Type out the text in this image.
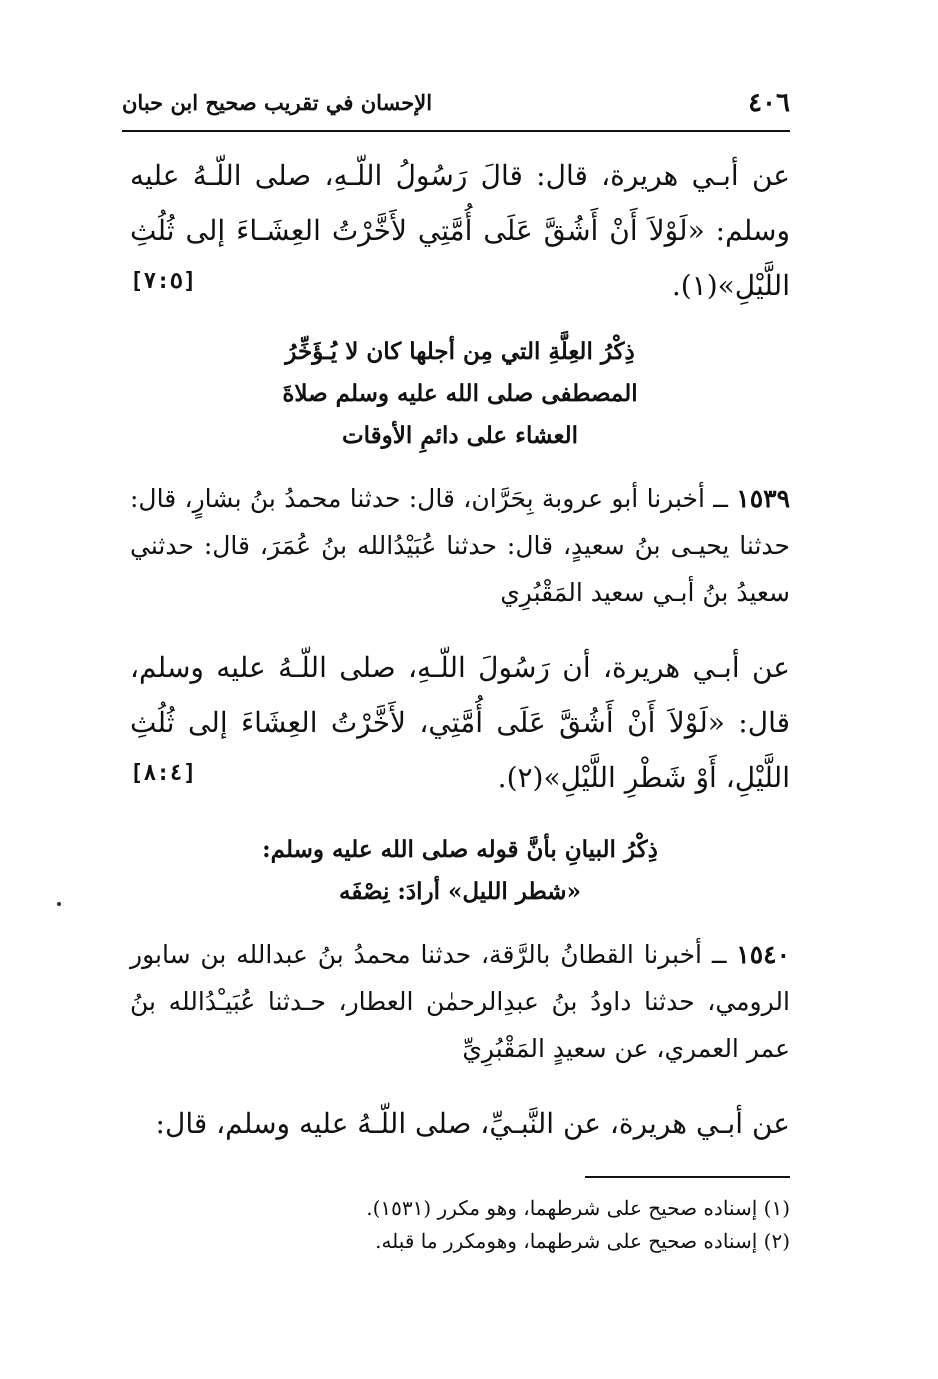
٤٠٦
الإحسان في تقريب صحيح ابن حبان

عن أبـي هريرة، قال: قالَ رَسُولُ اللّـهِ، صلى اللّـهُ عليه وسلم: «لَوْلاَ أَنْ أَشُقَّ عَلَى أُمَّتِي لأَخَّرْتُ العِشَـاءَ إلى ثُلُثِ اللَّيْلِ»(١).
[٧:٥]

ذِكْرُ العِلَّةِ التي مِن أجلها كان لا يُـؤَخِّرُ

المصطفى صلى الله عليه وسلم صلاةَ

العشاء على دائمِ الأوقات

١٥٣٩ ــ أخبرنا أبو عروبة بِحَرَّان، قال: حدثنا محمدُ بنُ بشارٍ، قال: حدثنا يحيـى بنُ سعيدٍ، قال: حدثنا عُبَيْدُالله بنُ عُمَرَ، قال: حدثني سعيدُ بنُ أبـي سعيد المَقْبُرِي

عن أبـي هريرة، أن رَسُولَ اللّـهِ، صلى اللّـهُ عليه وسلم، قال: «لَوْلاَ أَنْ أَشُقَّ عَلَى أُمَّتِي، لأَخَّرْتُ العِشَاءَ إلى ثُلُثِ اللَّيْلِ، أَوْ شَطْرِ اللَّيْلِ»(٢).
[٨:٤]

ذِكْرُ البيانِ بأنَّ قوله صلى الله عليه وسلم:

«شطر الليل» أرادَ: نِصْفَه

١٥٤٠ ــ أخبرنا القطانُ بالرَّقة، حدثنا محمدُ بنُ عبدالله بن سابور الرومي، حدثنا داودُ بنُ عبدِالرحمٰن العطار، حـدثنا عُبَيـْدُالله بنُ عمر العمري، عن سعيدٍ المَقْبُرِيِّ

عن أبـي هريرة، عن النَّبـيِّ، صلى اللّـهُ عليه وسلم، قال:

(١) إسناده صحيح على شرطهما، وهو مكرر (١٥٣١).

(٢) إسناده صحيح على شرطهما، وهومكرر ما قبله.
